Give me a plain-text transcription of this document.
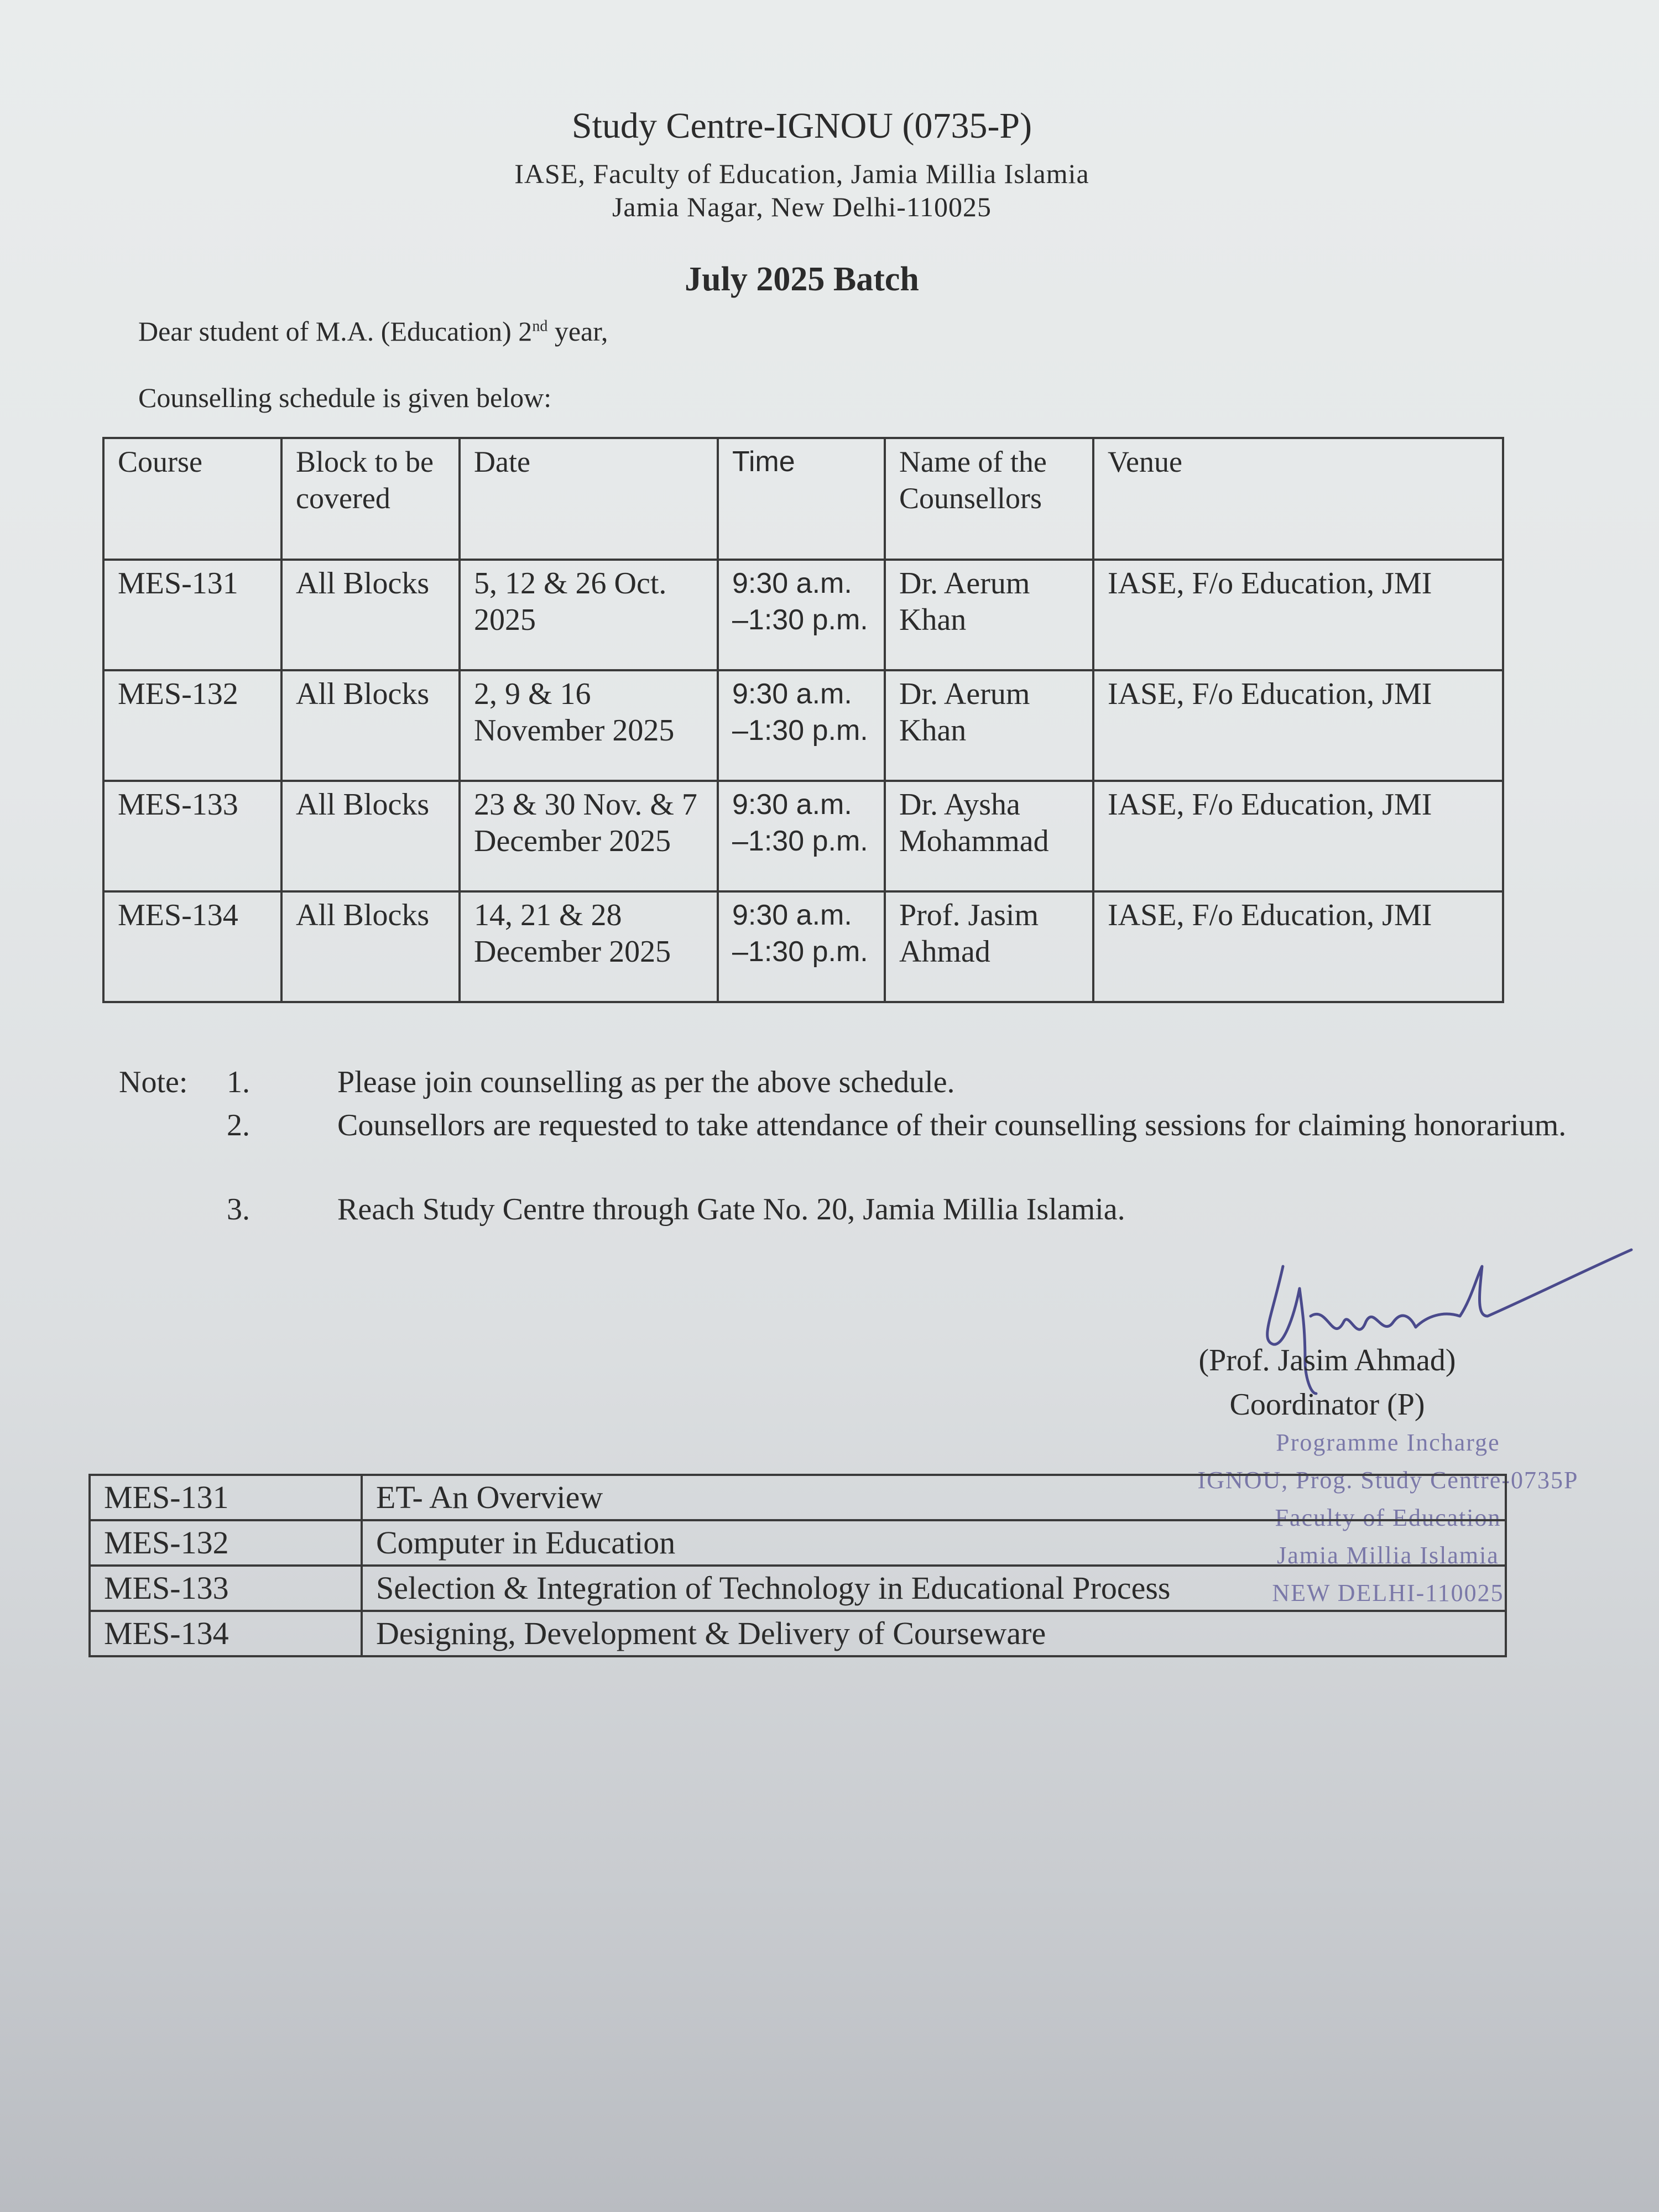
Study Centre-IGNOU (0735-P)
IASE, Faculty of Education, Jamia Millia Islamia
Jamia Nagar, New Delhi-110025
July 2025 Batch
Dear student of M.A. (Education) 2nd year,
Counselling schedule is given below:
Course	Block to be covered	Date	Time	Name of the Counsellors	Venue
MES-131	All Blocks	5, 12 & 26 Oct. 2025	9:30 a.m. –1:30 p.m.	Dr. Aerum Khan	IASE, F/o Education, JMI
MES-132	All Blocks	2, 9 & 16 November 2025	9:30 a.m. –1:30 p.m.	Dr. Aerum Khan	IASE, F/o Education, JMI
MES-133	All Blocks	23 & 30 Nov. & 7 December 2025	9:30 a.m. –1:30 p.m.	Dr. Aysha Mohammad	IASE, F/o Education, JMI
MES-134	All Blocks	14, 21 & 28 December 2025	9:30 a.m. –1:30 p.m.	Prof. Jasim Ahmad	IASE, F/o Education, JMI
Note: 1.	Please join counselling as per the above schedule.
2.	Counsellors are requested to take attendance of their counselling sessions for claiming honorarium.
3.	Reach Study Centre through Gate No. 20, Jamia Millia Islamia.
(Prof. Jasim Ahmad)
Coordinator (P)
Programme Incharge
IGNOU, Prog. Study Centre-0735P
Faculty of Education
Jamia Millia Islamia
NEW DELHI-110025
MES-131	ET- An Overview
MES-132	Computer in Education
MES-133	Selection & Integration of Technology in Educational Process
MES-134	Designing, Development & Delivery of Courseware
